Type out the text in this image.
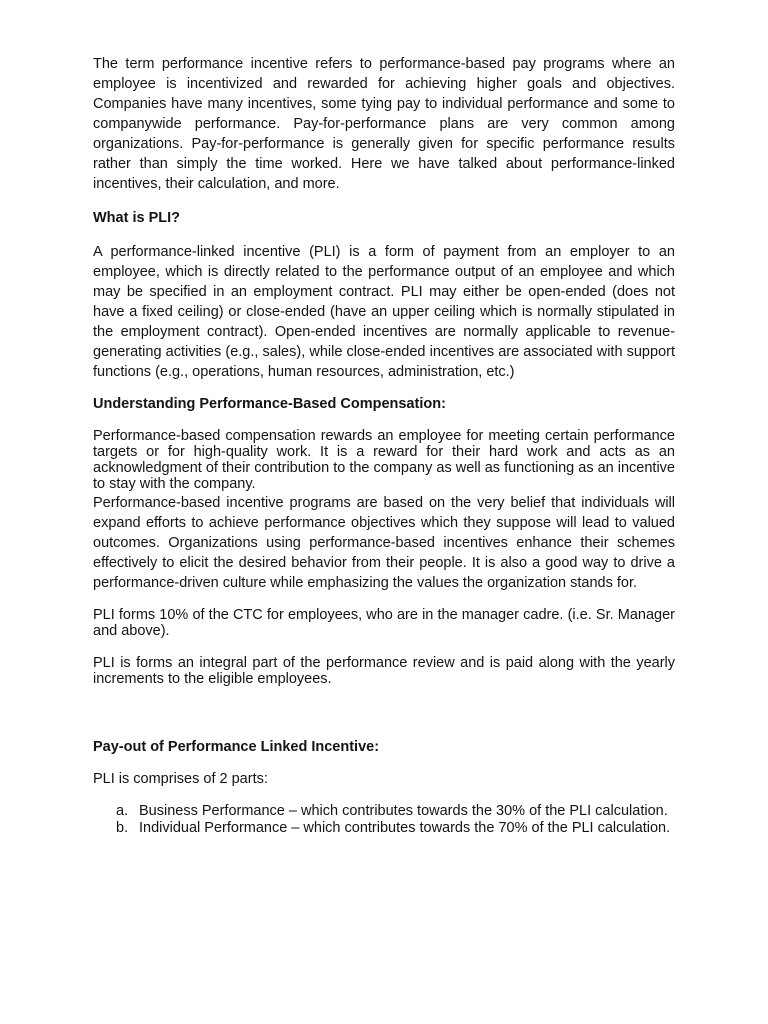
The term performance incentive refers to performance-based pay programs where an employee is incentivized and rewarded for achieving higher goals and objectives. Companies have many incentives, some tying pay to individual performance and some to companywide performance. Pay-for-performance plans are very common among organizations. Pay-for-performance is generally given for specific performance results rather than simply the time worked. Here we have talked about performance-linked incentives, their calculation, and more.

What is PLI?

A performance-linked incentive (PLI) is a form of payment from an employer to an employee, which is directly related to the performance output of an employee and which may be specified in an employment contract. PLI may either be open-ended (does not have a fixed ceiling) or close-ended (have an upper ceiling which is normally stipulated in the employment contract). Open-ended incentives are normally applicable to revenue-generating activities (e.g., sales), while close-ended incentives are associated with support functions (e.g., operations, human resources, administration, etc.)

Understanding Performance-Based Compensation:

Performance-based compensation rewards an employee for meeting certain performance targets or for high-quality work. It is a reward for their hard work and acts as an acknowledgment of their contribution to the company as well as functioning as an incentive to stay with the company.

Performance-based incentive programs are based on the very belief that individuals will expand efforts to achieve performance objectives which they suppose will lead to valued outcomes. Organizations using performance-based incentives enhance their schemes effectively to elicit the desired behavior from their people. It is also a good way to drive a performance-driven culture while emphasizing the values the organization stands for.

PLI forms 10% of the CTC for employees, who are in the manager cadre. (i.e. Sr. Manager and above).

PLI is forms an integral part of the performance review and is paid along with the yearly increments to the eligible employees.

Pay-out of Performance Linked Incentive:

PLI is comprises of 2 parts:

a. Business Performance – which contributes towards the 30% of the PLI calculation.
b. Individual Performance – which contributes towards the 70% of the PLI calculation.
